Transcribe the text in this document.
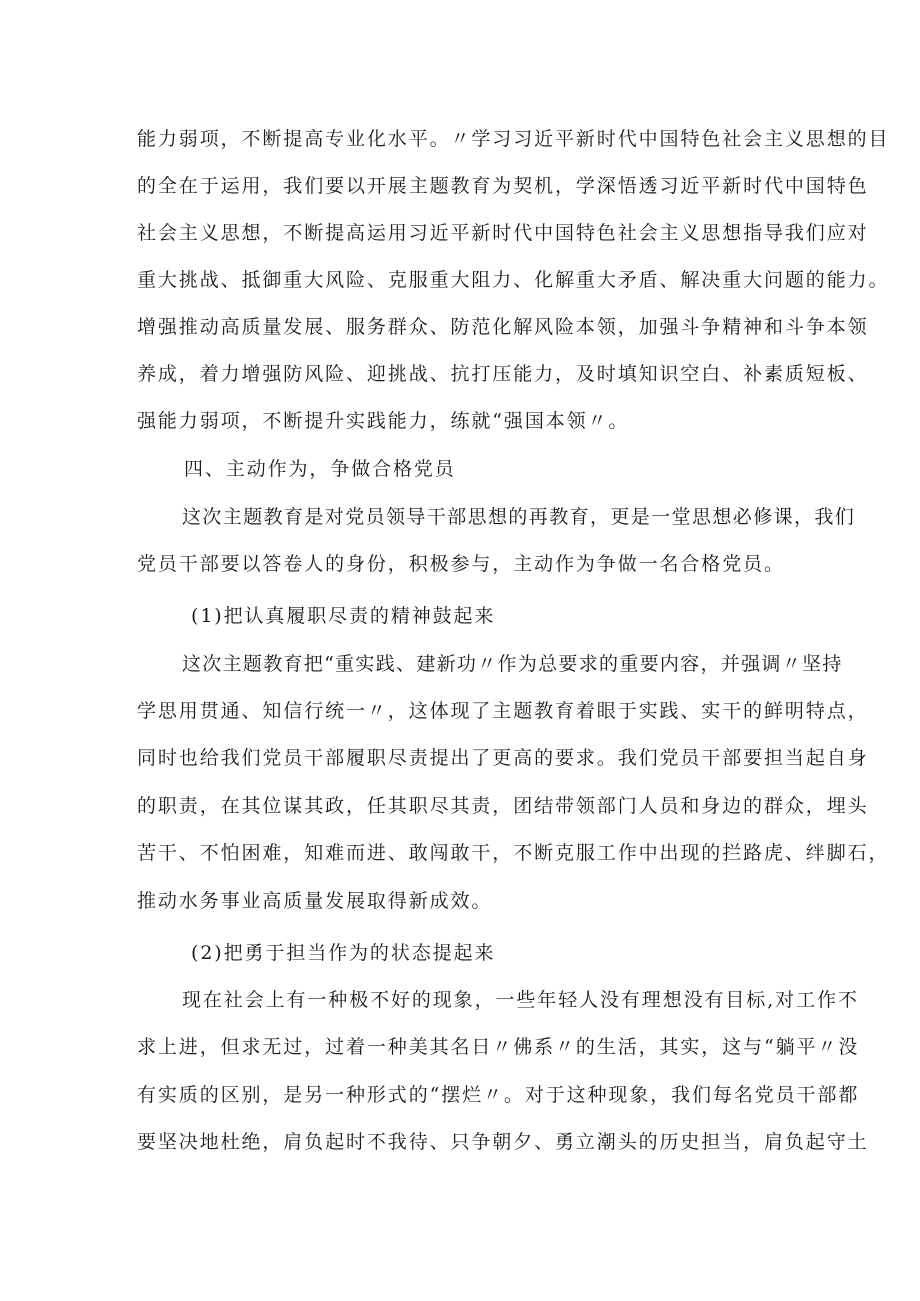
能力弱项，不断提高专业化水平。〃学习习近平新时代中国特色社会主义思想的目
的全在于运用，我们要以开展主题教育为契机，学深悟透习近平新时代中国特色
社会主义思想，不断提高运用习近平新时代中国特色社会主义思想指导我们应对
重大挑战、抵御重大风险、克服重大阻力、化解重大矛盾、解决重大问题的能力。
增强推动高质量发展、服务群众、防范化解风险本领，加强斗争精神和斗争本领
养成，着力增强防风险、迎挑战、抗打压能力，及时填知识空白、补素质短板、
强能力弱项，不断提升实践能力，练就“强国本领〃。
四、主动作为，争做合格党员
这次主题教育是对党员领导干部思想的再教育，更是一堂思想必修课，我们
党员干部要以答卷人的身份，积极参与，主动作为争做一名合格党员。
(1)把认真履职尽责的精神鼓起来
这次主题教育把“重实践、建新功〃作为总要求的重要内容，并强调〃坚持
学思用贯通、知信行统一〃，这体现了主题教育着眼于实践、实干的鲜明特点，
同时也给我们党员干部履职尽责提出了更高的要求。我们党员干部要担当起自身
的职责，在其位谋其政，任其职尽其责，团结带领部门人员和身边的群众，埋头
苦干、不怕困难，知难而进、敢闯敢干，不断克服工作中出现的拦路虎、绊脚石，
推动水务事业高质量发展取得新成效。
(2)把勇于担当作为的状态提起来
现在社会上有一种极不好的现象，一些年轻人没有理想没有目标,对工作不
求上进，但求无过，过着一种美其名日〃佛系〃的生活，其实，这与“躺平〃没
有实质的区别，是另一种形式的“摆烂〃。对于这种现象，我们每名党员干部都
要坚决地杜绝，肩负起时不我待、只争朝夕、勇立潮头的历史担当，肩负起守土
